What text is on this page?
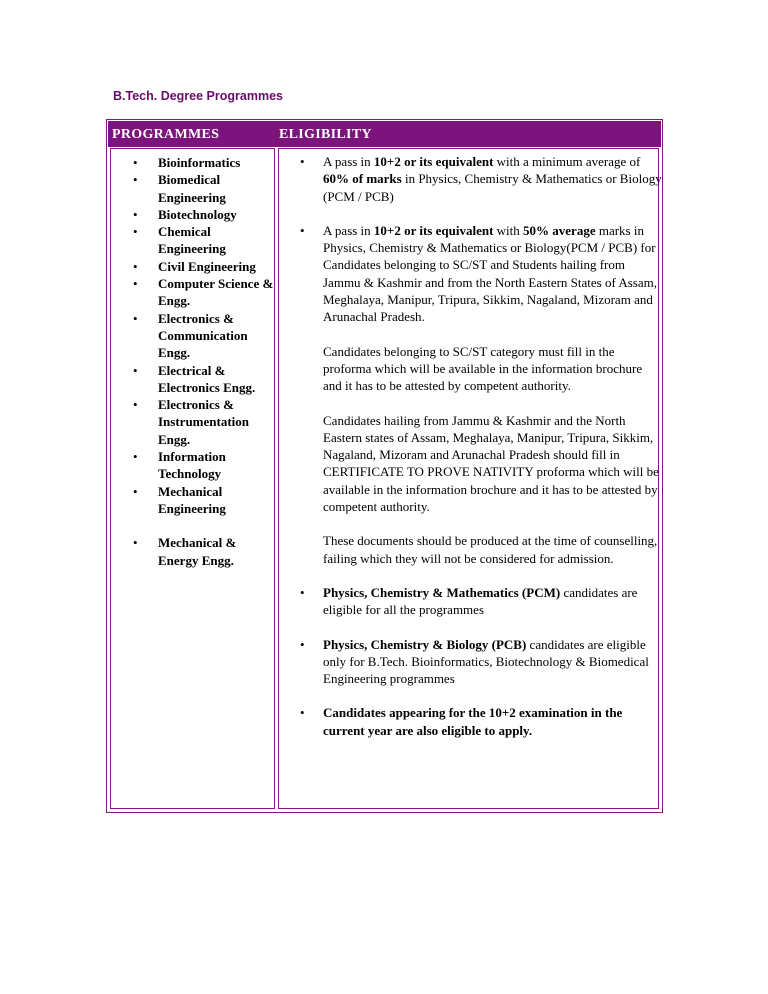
B.Tech. Degree Programmes
PROGRAMMES	ELIGIBILITY
• Bioinformatics
• Biomedical Engineering
• Biotechnology
• Chemical Engineering
• Civil Engineering
• Computer Science & Engg.
• Electronics & Communication Engg.
• Electrical & Electronics Engg.
• Electronics & Instrumentation Engg.
• Information Technology
• Mechanical Engineering
• Mechanical & Energy Engg.
• A pass in 10+2 or its equivalent with a minimum average of 60% of marks in Physics, Chemistry & Mathematics or Biology (PCM / PCB)
• A pass in 10+2 or its equivalent with 50% average marks in Physics, Chemistry & Mathematics or Biology(PCM / PCB) for Candidates belonging to SC/ST and Students hailing from Jammu & Kashmir and from the North Eastern States of Assam, Meghalaya, Manipur, Tripura, Sikkim, Nagaland, Mizoram and Arunachal Pradesh.
Candidates belonging to SC/ST category must fill in the proforma which will be available in the information brochure and it has to be attested by competent authority.
Candidates hailing from Jammu & Kashmir and the North Eastern states of Assam, Meghalaya, Manipur, Tripura, Sikkim, Nagaland, Mizoram and Arunachal Pradesh should fill in CERTIFICATE TO PROVE NATIVITY proforma which will be available in the information brochure and it has to be attested by competent authority.
These documents should be produced at the time of counselling, failing which they will not be considered for admission.
• Physics, Chemistry & Mathematics (PCM) candidates are eligible for all the programmes
• Physics, Chemistry & Biology (PCB) candidates are eligible only for B.Tech. Bioinformatics, Biotechnology & Biomedical Engineering programmes
• Candidates appearing for the 10+2 examination in the current year are also eligible to apply.
